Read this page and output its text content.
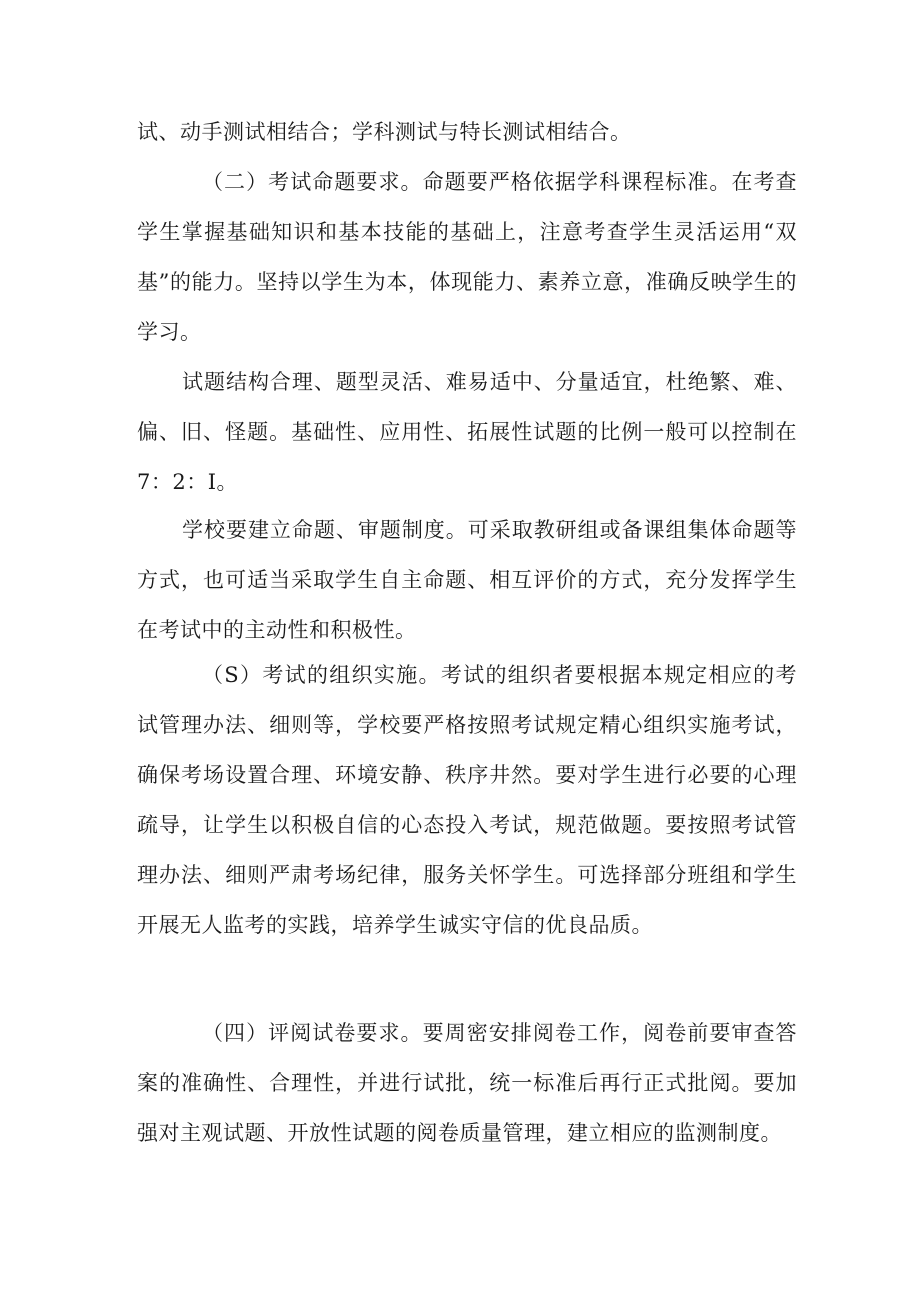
试、动手测试相结合；学科测试与特长测试相结合。

（二）考试命题要求。命题要严格依据学科课程标准。在考查学生掌握基础知识和基本技能的基础上，注意考查学生灵活运用“双基”的能力。坚持以学生为本，体现能力、素养立意，准确反映学生的学习。

试题结构合理、题型灵活、难易适中、分量适宜，杜绝繁、难、偏、旧、怪题。基础性、应用性、拓展性试题的比例一般可以控制在7：2：I。

学校要建立命题、审题制度。可采取教研组或备课组集体命题等方式，也可适当采取学生自主命题、相互评价的方式，充分发挥学生在考试中的主动性和积极性。

（S）考试的组织实施。考试的组织者要根据本规定相应的考试管理办法、细则等，学校要严格按照考试规定精心组织实施考试，确保考场设置合理、环境安静、秩序井然。要对学生进行必要的心理疏导，让学生以积极自信的心态投入考试，规范做题。要按照考试管理办法、细则严肃考场纪律，服务关怀学生。可选择部分班组和学生开展无人监考的实践，培养学生诚实守信的优良品质。

（四）评阅试卷要求。要周密安排阅卷工作，阅卷前要审查答案的准确性、合理性，并进行试批，统一标准后再行正式批阅。要加强对主观试题、开放性试题的阅卷质量管理，建立相应的监测制度。
